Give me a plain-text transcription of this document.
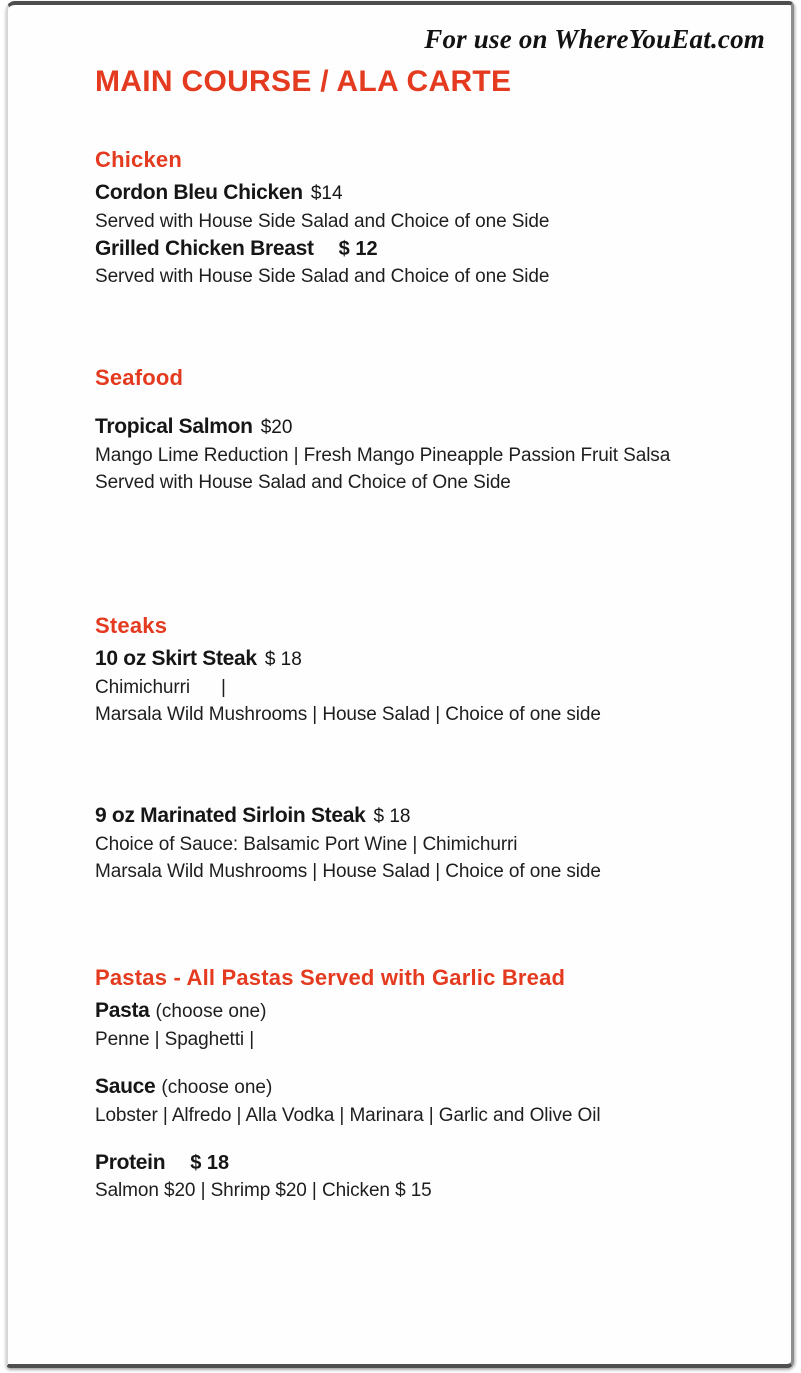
For use on WhereYouEat.com
MAIN COURSE / ALA CARTE
Chicken
Cordon Bleu Chicken $14
Served with House Side Salad and Choice of one Side
Grilled Chicken Breast $ 12
Served with House Side Salad and Choice of one Side
Seafood
Tropical Salmon $20
Mango Lime Reduction | Fresh Mango Pineapple Passion Fruit Salsa
Served with House Salad and Choice of One Side
Steaks
10 oz Skirt Steak $ 18
Chimichurri      |
Marsala Wild Mushrooms | House Salad | Choice of one side
9 oz Marinated Sirloin Steak $ 18
Choice of Sauce: Balsamic Port Wine | Chimichurri
Marsala Wild Mushrooms | House Salad | Choice of one side
Pastas - All Pastas Served with Garlic Bread
Pasta (choose one)
Penne | Spaghetti |
Sauce (choose one)
Lobster | Alfredo | Alla Vodka | Marinara | Garlic and Olive Oil
Protein $ 18
Salmon $20 | Shrimp $20 | Chicken $ 15
